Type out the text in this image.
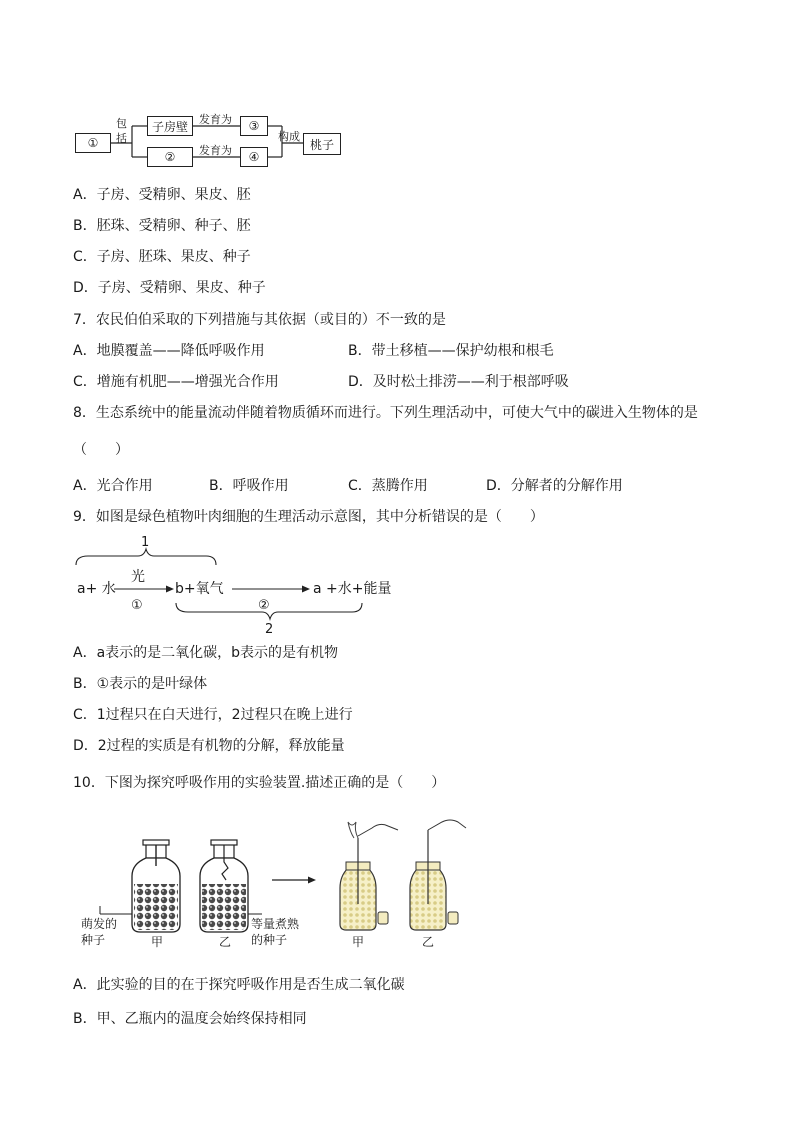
①
包
括
子房壁
②
发育为
发育为
③
④
构成
桃子
A．子房、受精卵、果皮、胚
B．胚珠、受精卵、种子、胚
C．子房、胚珠、果皮、种子
D．子房、受精卵、果皮、种子
7．农民伯伯采取的下列措施与其依据（或目的）不一致的是
A．地膜覆盖——降低呼吸作用	B．带土移植——保护幼根和根毛
C．增施有机肥——增强光合作用	D．及时松土排涝——利于根部呼吸
8．生态系统中的能量流动伴随着物质循环而进行。下列生理活动中，可使大气中的碳进入生物体的是
（　　）
A．光合作用	B．呼吸作用	C．蒸腾作用	D．分解者的分解作用
9．如图是绿色植物叶肉细胞的生理活动示意图，其中分析错误的是（　　）
1
a+ 水
光
①
b+氧气
②
a +水+能量
2
A．a表示的是二氧化碳，b表示的是有机物
B．①表示的是叶绿体
C．1过程只在白天进行，2过程只在晚上进行
D．2过程的实质是有机物的分解，释放能量
10．下图为探究呼吸作用的实验装置.描述正确的是（　　）
萌发的
种子	甲	乙
等量煮熟
的种子	甲	乙
A．此实验的目的在于探究呼吸作用是否生成二氧化碳
B．甲、乙瓶内的温度会始终保持相同
